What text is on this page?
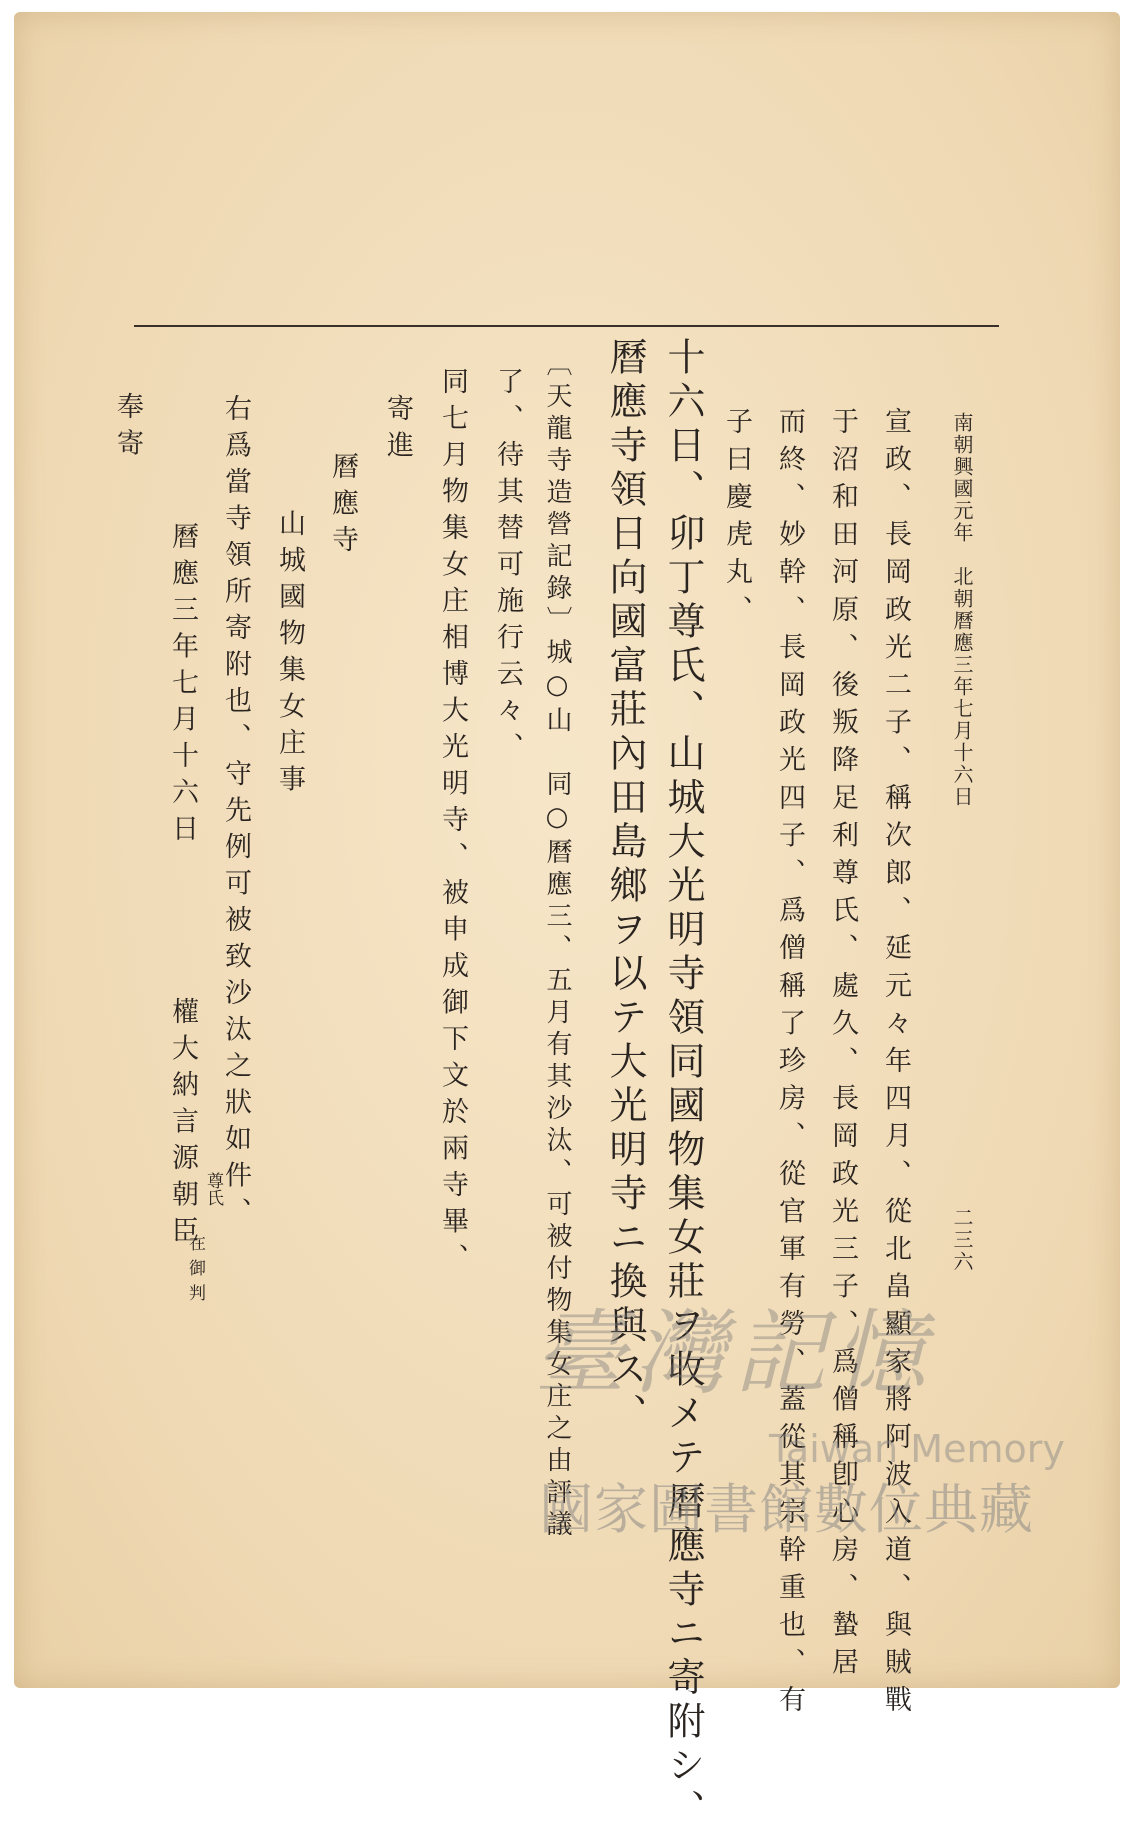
南朝興國元年　北朝曆應三年七月十六日
二三六
宣政、長岡政光二子、稱次郎、延元々年四月、從北畠顯家將阿波入道、與賊戰
于沼和田河原、後叛降足利尊氏、處久、長岡政光三子、爲僧稱卽心房、蟄居
而終、妙幹、長岡政光四子、爲僧稱了珍房、從官軍有勞、蓋從其宗幹重也、有
子曰慶虎丸、
十六日、卯丁尊氏、山城大光明寺領同國物集女莊ヲ收メテ曆應寺ニ寄附シ、
曆應寺領日向國富莊內田島鄉ヲ以テ大光明寺ニ換與ス、
〔天龍寺造營記錄〕城○山　同○曆應三、五月有其沙汰、可被付物集女庄之由評議
了、待其替可施行云々、
同七月物集女庄相博大光明寺、被申成御下文於兩寺畢、
寄進
曆應寺
山城國物集女庄事
右爲當寺領所寄附也、守先例可被致沙汰之狀如件、
曆應三年七月十六日
權大納言源朝臣
奉寄
尊氏
在御判
臺灣記憶
Taiwan Memory
國家圖書館數位典藏
